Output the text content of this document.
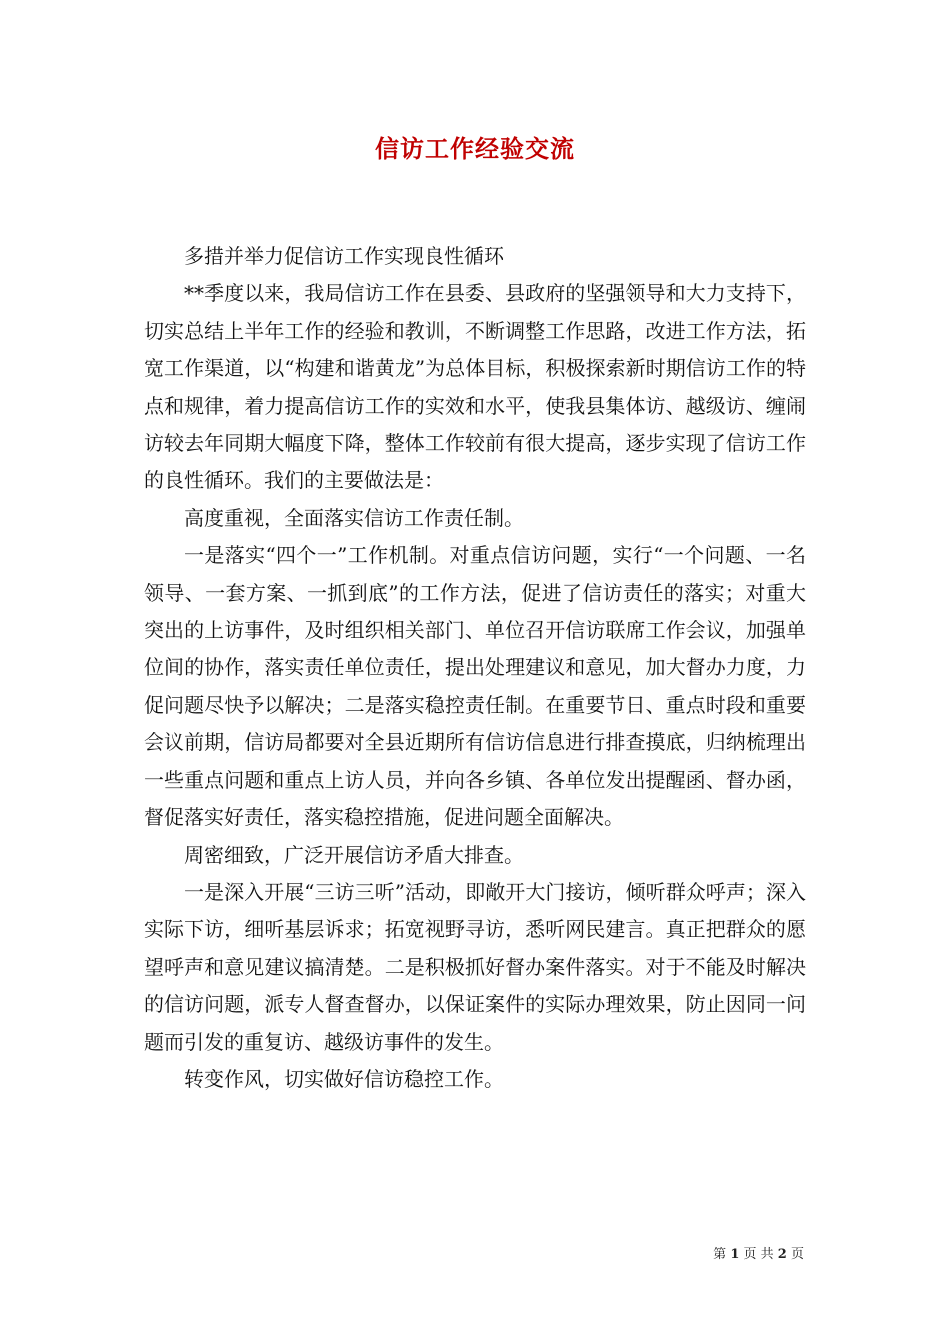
信访工作经验交流

多措并举力促信访工作实现良性循环

**季度以来，我局信访工作在县委、县政府的坚强领导和大力支持下，切实总结上半年工作的经验和教训，不断调整工作思路，改进工作方法，拓宽工作渠道，以“构建和谐黄龙”为总体目标，积极探索新时期信访工作的特点和规律，着力提高信访工作的实效和水平，使我县集体访、越级访、缠闹访较去年同期大幅度下降，整体工作较前有很大提高，逐步实现了信访工作的良性循环。我们的主要做法是：

高度重视，全面落实信访工作责任制。

一是落实“四个一”工作机制。对重点信访问题，实行“一个问题、一名领导、一套方案、一抓到底”的工作方法，促进了信访责任的落实；对重大突出的上访事件，及时组织相关部门、单位召开信访联席工作会议，加强单位间的协作，落实责任单位责任，提出处理建议和意见，加大督办力度，力促问题尽快予以解决；二是落实稳控责任制。在重要节日、重点时段和重要会议前期，信访局都要对全县近期所有信访信息进行排查摸底，归纳梳理出一些重点问题和重点上访人员，并向各乡镇、各单位发出提醒函、督办函，督促落实好责任，落实稳控措施，促进问题全面解决。

周密细致，广泛开展信访矛盾大排查。

一是深入开展“三访三听”活动，即敞开大门接访，倾听群众呼声；深入实际下访，细听基层诉求；拓宽视野寻访，悉听网民建言。真正把群众的愿望呼声和意见建议搞清楚。二是积极抓好督办案件落实。对于不能及时解决的信访问题，派专人督查督办，以保证案件的实际办理效果，防止因同一问题而引发的重复访、越级访事件的发生。

转变作风，切实做好信访稳控工作。

第 1 页 共 2 页
